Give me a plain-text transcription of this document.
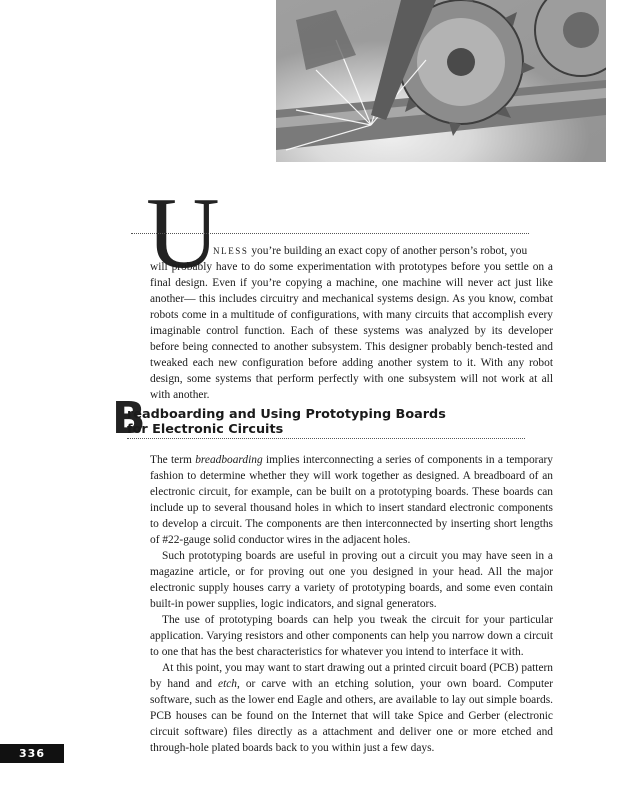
U
NLESS you’re building an exact copy of another person’s robot, you

will probably have to do some experimentation with prototypes before you settle on a final design. Even if you’re copying a machine, one machine will never act just like another— this includes circuitry and mechanical systems design. As you know, combat robots come in a multitude of configurations, with many circuits that accomplish every imaginable control function. Each of these systems was analyzed by its developer before being connected to another subsystem. This designer probably bench-tested and tweaked each new configuration before adding another system to it. With any robot design, some systems that perform perfectly with one subsystem will not work at all with another.

B
readboarding and Using Prototyping Boards
for Electronic Circuits

The term breadboarding implies interconnecting a series of components in a temporary fashion to determine whether they will work together as designed. A breadboard of an electronic circuit, for example, can be built on a prototyping boards. These boards can include up to several thousand holes in which to insert standard electronic components to develop a circuit. The components are then interconnected by inserting short lengths of #22-gauge solid conductor wires in the adjacent holes.

Such prototyping boards are useful in proving out a circuit you may have seen in a magazine article, or for proving out one you designed in your head. All the major electronic supply houses carry a variety of prototyping boards, and some even contain built-in power supplies, logic indicators, and signal generators.

The use of prototyping boards can help you tweak the circuit for your particular application. Varying resistors and other components can help you narrow down a circuit to one that has the best characteristics for whatever you intend to interface it with.

At this point, you may want to start drawing out a printed circuit board (PCB) pattern by hand and etch, or carve with an etching solution, your own board. Computer software, such as the lower end Eagle and others, are available to lay out simple boards. PCB houses can be found on the Internet that will take Spice and Gerber (electronic circuit software) files directly as a attachment and deliver one or more etched and through-hole plated boards back to you within just a few days.

336
